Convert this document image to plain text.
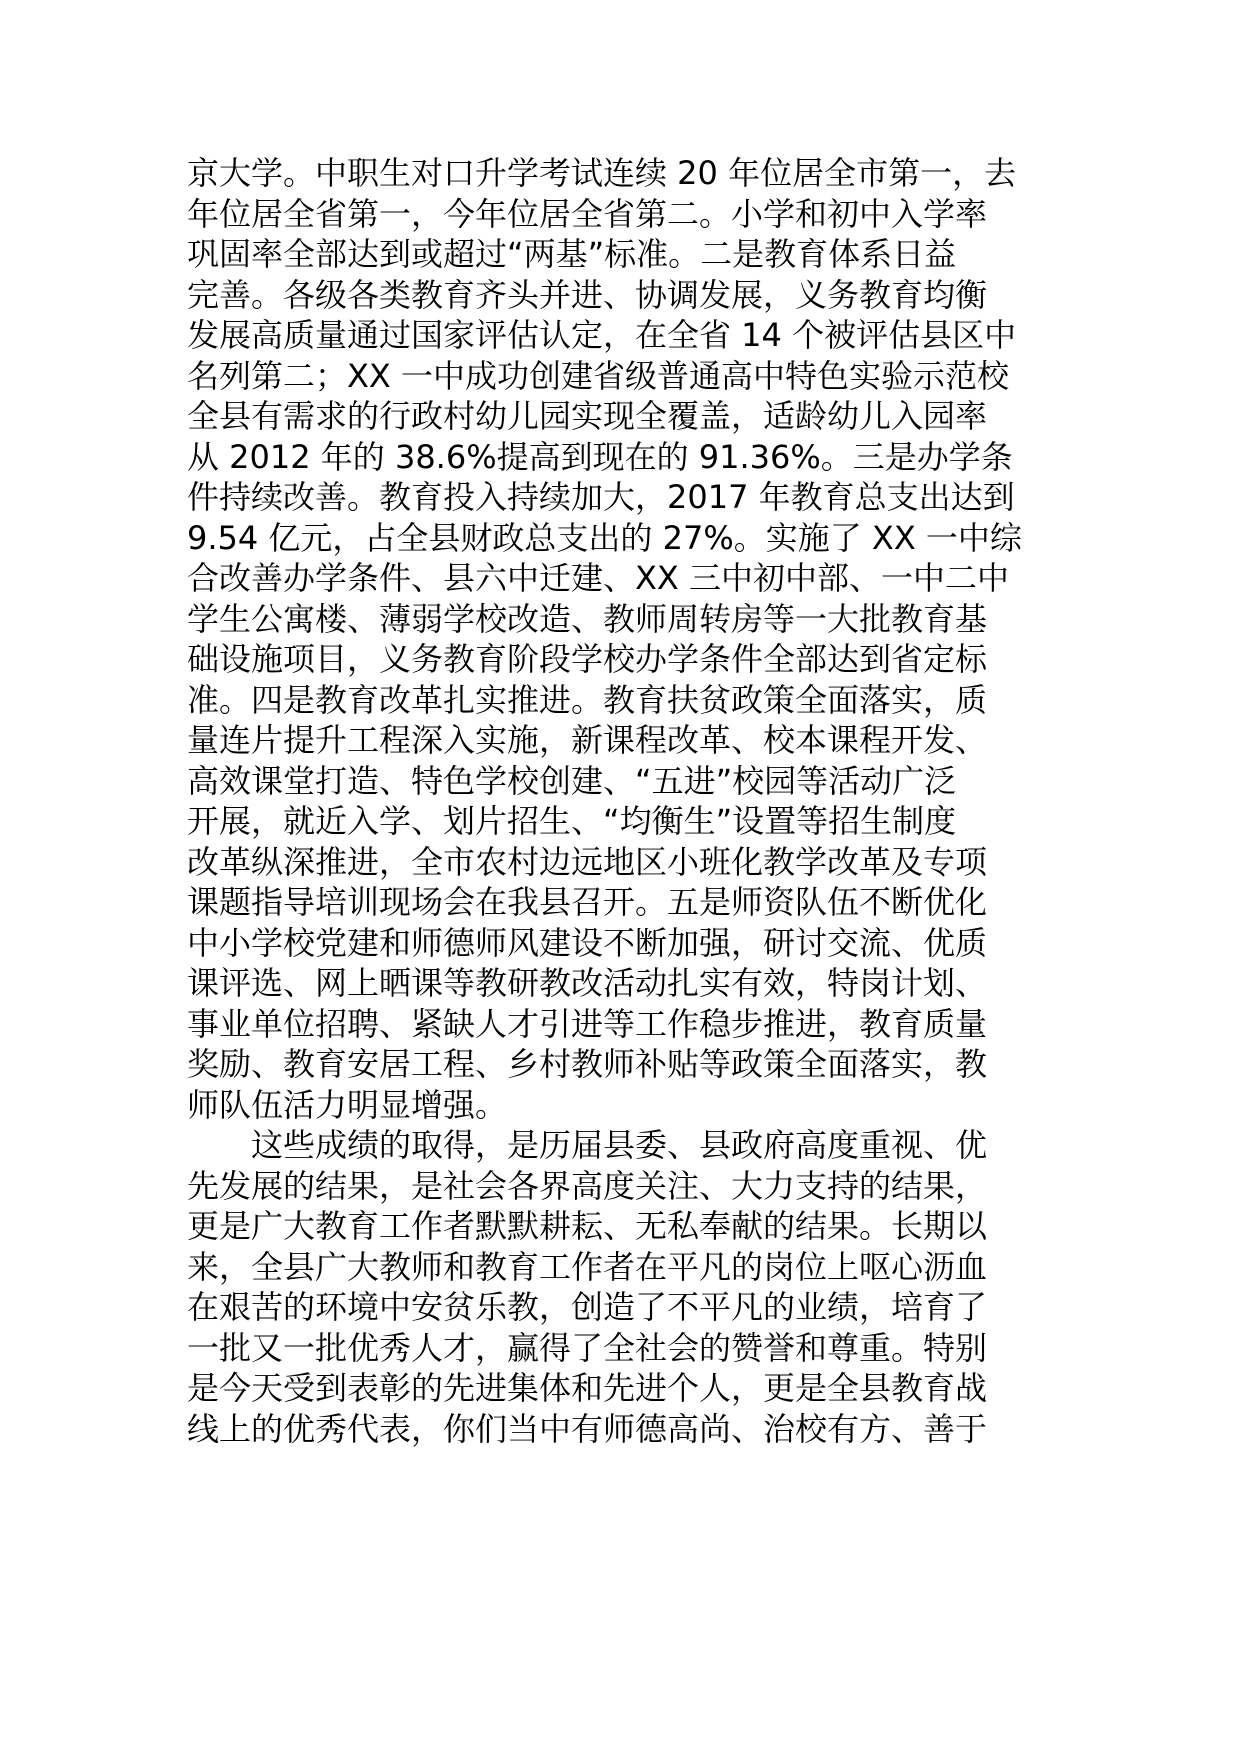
京大学。中职生对口升学考试连续 20 年位居全市第一，去
年位居全省第一，今年位居全省第二。小学和初中入学率
巩固率全部达到或超过“两基”标准。二是教育体系日益
完善。各级各类教育齐头并进、协调发展，义务教育均衡
发展高质量通过国家评估认定，在全省 14 个被评估县区中
名列第二；XX 一中成功创建省级普通高中特色实验示范校
全县有需求的行政村幼儿园实现全覆盖，适龄幼儿入园率
从 2012 年的 38.6%提高到现在的 91.36%。三是办学条
件持续改善。教育投入持续加大，2017 年教育总支出达到
9.54 亿元，占全县财政总支出的 27%。实施了 XX 一中综
合改善办学条件、县六中迁建、XX 三中初中部、一中二中
学生公寓楼、薄弱学校改造、教师周转房等一大批教育基
础设施项目，义务教育阶段学校办学条件全部达到省定标
准。四是教育改革扎实推进。教育扶贫政策全面落实，质
量连片提升工程深入实施，新课程改革、校本课程开发、
高效课堂打造、特色学校创建、“五进”校园等活动广泛
开展，就近入学、划片招生、“均衡生”设置等招生制度
改革纵深推进，全市农村边远地区小班化教学改革及专项
课题指导培训现场会在我县召开。五是师资队伍不断优化
中小学校党建和师德师风建设不断加强，研讨交流、优质
课评选、网上晒课等教研教改活动扎实有效，特岗计划、
事业单位招聘、紧缺人才引进等工作稳步推进，教育质量
奖励、教育安居工程、乡村教师补贴等政策全面落实，教
师队伍活力明显增强。
这些成绩的取得，是历届县委、县政府高度重视、优
先发展的结果，是社会各界高度关注、大力支持的结果，
更是广大教育工作者默默耕耘、无私奉献的结果。长期以
来，全县广大教师和教育工作者在平凡的岗位上呕心沥血
在艰苦的环境中安贫乐教，创造了不平凡的业绩，培育了
一批又一批优秀人才，赢得了全社会的赞誉和尊重。特别
是今天受到表彰的先进集体和先进个人，更是全县教育战
线上的优秀代表，你们当中有师德高尚、治校有方、善于
